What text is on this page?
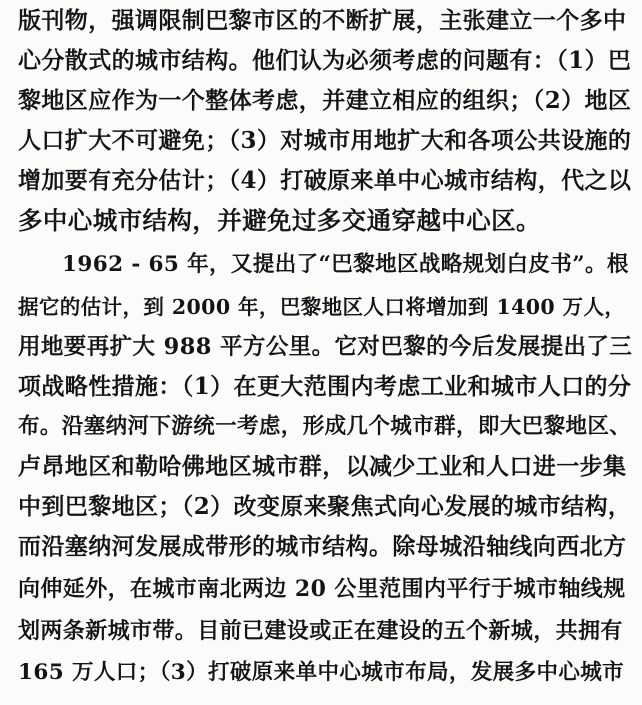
版刊物，强调限制巴黎市区的不断扩展，主张建立一个多中
心分散式的城市结构。他们认为必须考虑的问题有：（1）巴
黎地区应作为一个整体考虑，并建立相应的组织；（2）地区
人口扩大不可避免；（3）对城市用地扩大和各项公共设施的
增加要有充分估计；（4）打破原来单中心城市结构，代之以
多中心城市结构，并避免过多交通穿越中心区。
1962 - 65 年，又提出了“巴黎地区战略规划白皮书”。根
据它的估计，到 2000 年，巴黎地区人口将增加到 1400 万人，
用地要再扩大 988 平方公里。它对巴黎的今后发展提出了三
项战略性措施：（1）在更大范围内考虑工业和城市人口的分
布。沿塞纳河下游统一考虑，形成几个城市群，即大巴黎地区、
卢昂地区和勒哈佛地区城市群，以减少工业和人口进一步集
中到巴黎地区；（2）改变原来聚焦式向心发展的城市结构，
而沿塞纳河发展成带形的城市结构。除母城沿轴线向西北方
向伸延外，在城市南北两边 20 公里范围内平行于城市轴线规
划两条新城市带。目前已建设或正在建设的五个新城，共拥有
165 万人口；（3）打破原来单中心城市布局，发展多中心城市
